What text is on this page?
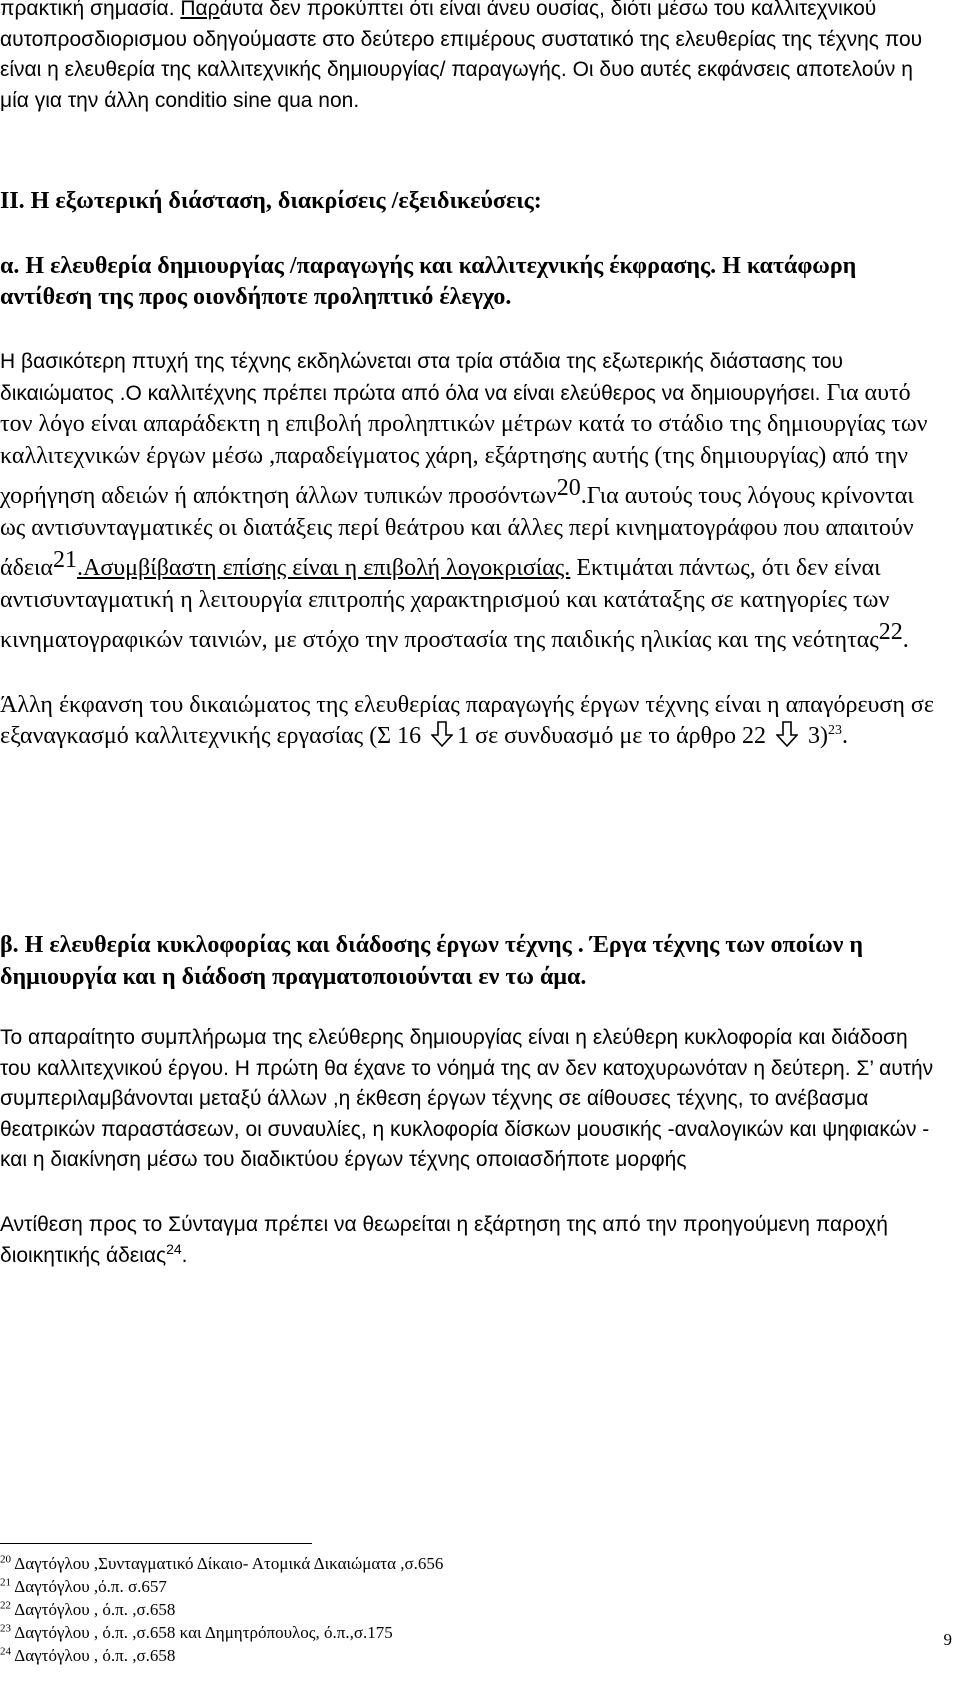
πρακτική σημασία. Παράυτα δεν προκύπτει ότι είναι άνευ ουσίας, διότι μέσω του καλλιτεχνικού αυτοπροσδιορισμου οδηγούμαστε στο δεύτερο επιμέρους συστατικό της ελευθερίας της τέχνης που είναι η ελευθερία της καλλιτεχνικής δημιουργίας/ παραγωγής. Οι δυο αυτές εκφάνσεις αποτελούν η μία για την άλλη conditio sine qua non.

ΙΙ. Η εξωτερική διάσταση, διακρίσεις /εξειδικεύσεις:

α. Η ελευθερία δημιουργίας /παραγωγής και καλλιτεχνικής έκφρασης. Η κατάφωρη αντίθεση της προς οιονδήποτε προληπτικό έλεγχο.

Η βασικότερη πτυχή της τέχνης εκδηλώνεται στα τρία στάδια της εξωτερικής διάστασης του δικαιώματος .Ο καλλιτέχνης πρέπει πρώτα από όλα να είναι ελεύθερος να δημιουργήσει. Για αυτό τον λόγο είναι απαράδεκτη η επιβολή προληπτικών μέτρων κατά το στάδιο της δημιουργίας των καλλιτεχνικών έργων μέσω ,παραδείγματος χάρη, εξάρτησης αυτής (της δημιουργίας) από την χορήγηση αδειών ή απόκτηση άλλων τυπικών προσόντων$^{20}$.Για αυτούς τους λόγους κρίνονται ως αντισυνταγματικές οι διατάξεις περί θεάτρου και άλλες περί κινηματογράφου που απαιτούν άδεια$^{21}$.Ασυμβίβαστη επίσης είναι η επιβολή λογοκρισίας. Εκτιμάται πάντως, ότι δεν είναι αντισυνταγματική η λειτουργία επιτροπής χαρακτηρισμού και κατάταξης σε κατηγορίες των κινηματογραφικών ταινιών, με στόχο την προστασία της παιδικής ηλικίας και της νεότητας$^{22}$.

Άλλη έκφανση του δικαιώματος της ελευθερίας παραγωγής έργων τέχνης είναι η απαγόρευση σε εξαναγκασμό καλλιτεχνικής εργασίας (Σ 16 1 σε συνδυασμό με το άρθρο 22  3)$^{23}$.

β. Η ελευθερία κυκλοφορίας και διάδοσης έργων τέχνης . Έργα τέχνης των οποίων η δημιουργία και η διάδοση πραγματοποιούνται εν τω άμα.

Το απαραίτητο συμπλήρωμα της ελεύθερης δημιουργίας είναι η ελεύθερη κυκλοφορία και διάδοση του καλλιτεχνικού έργου. Η πρώτη θα έχανε το νόημά της αν δεν κατοχυρωνόταν η δεύτερη. Σ’ αυτήν συμπεριλαμβάνονται μεταξύ άλλων ,η έκθεση έργων τέχνης σε αίθουσες τέχνης, το ανέβασμα θεατρικών παραστάσεων, οι συναυλίες, η κυκλοφορία δίσκων μουσικής -αναλογικών και ψηφιακών - και η διακίνηση μέσω του διαδικτύου έργων τέχνης οποιασδήποτε μορφής

Αντίθεση προς το Σύνταγμα πρέπει να θεωρείται η εξάρτηση της από την προηγούμενη παροχή διοικητικής άδειας$^{24}$.

$^{20}$ Δαγτόγλου ,Συνταγματικό Δίκαιο- Ατομικά Δικαιώματα ,σ.656

$^{21}$ Δαγτόγλου ,ό.π. σ.657

$^{22}$ Δαγτόγλου , ό.π. ,σ.658

$^{23}$ Δαγτόγλου , ό.π. ,σ.658 και Δημητρόπουλος, ό.π.,σ.175

$^{24}$ Δαγτόγλου , ό.π. ,σ.658

9
